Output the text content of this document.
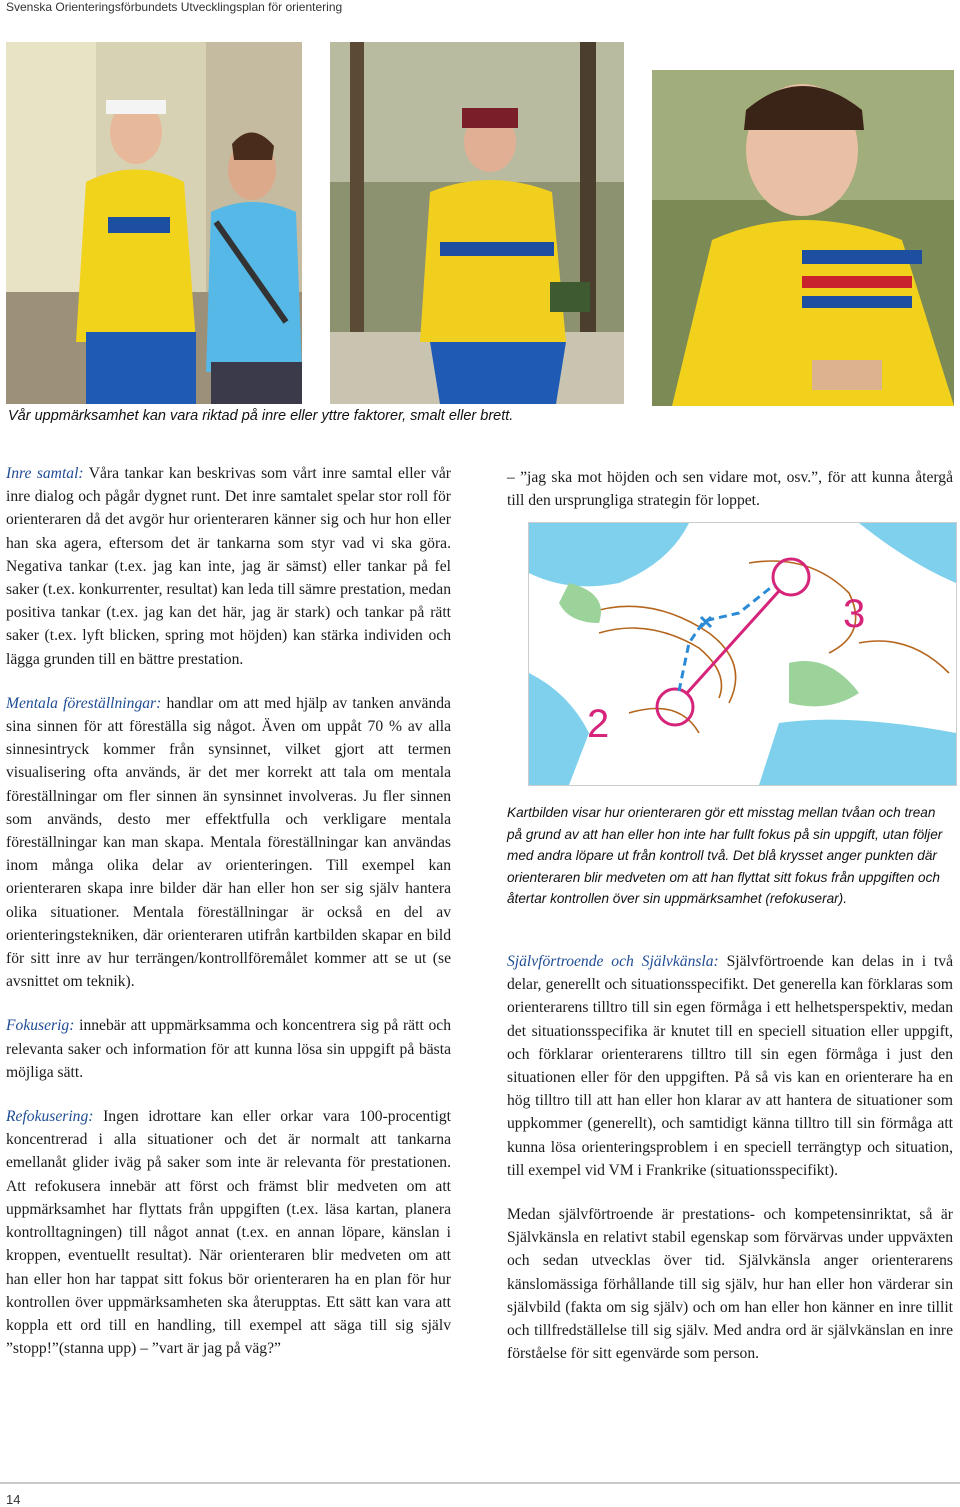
Svenska Orienteringsförbundets Utvecklingsplan för orientering
Vår uppmärksamhet kan vara riktad på inre eller yttre faktorer, smalt eller brett.

Inre samtal: Våra tankar kan beskrivas som vårt inre samtal eller vår inre dialog och pågår dygnet runt. Det inre samtalet spelar stor roll för orienteraren då det avgör hur orienteraren känner sig och hur hon eller han ska agera, eftersom det är tankarna som styr vad vi ska göra. Negativa tankar (t.ex. jag kan inte, jag är sämst) eller tankar på fel saker (t.ex. konkurrenter, resultat) kan leda till sämre prestation, medan positiva tankar (t.ex. jag kan det här, jag är stark) och tankar på rätt saker (t.ex. lyft blicken, spring mot höjden) kan stärka individen och lägga grunden till en bättre prestation.

Mentala föreställningar: handlar om att med hjälp av tanken använda sina sinnen för att föreställa sig något. Även om uppåt 70 % av alla sinnesintryck kommer från synsinnet, vilket gjort att termen visualisering ofta används, är det mer korrekt att tala om mentala föreställningar om fler sinnen än synsinnet involveras. Ju fler sinnen som används, desto mer effektfulla och verkligare mentala föreställningar kan man skapa. Mentala föreställningar kan användas inom många olika delar av orienteringen. Till exempel kan orienteraren skapa inre bilder där han eller hon ser sig själv hantera olika situationer. Mentala föreställningar är också en del av orienteringstekniken, där orienteraren utifrån kartbilden skapar en bild för sitt inre av hur terrängen/kontrollföremålet kommer att se ut (se avsnittet om teknik).

Fokuserig: innebär att uppmärksamma och koncentrera sig på rätt och relevanta saker och information för att kunna lösa sin uppgift på bästa möjliga sätt.

Refokusering: Ingen idrottare kan eller orkar vara 100-procentigt koncentrerad i alla situationer och det är normalt att tankarna emellanåt glider iväg på saker som inte är relevanta för prestationen. Att refokusera innebär att först och främst blir medveten om att uppmärksamhet har flyttats från uppgiften (t.ex. läsa kartan, planera kontrolltagningen) till något annat (t.ex. en annan löpare, känslan i kroppen, eventuellt resultat). När orienteraren blir medveten om att han eller hon har tappat sitt fokus bör orienteraren ha en plan för hur kontrollen över uppmärksamheten ska återupptas. Ett sätt kan vara att koppla ett ord till en handling, till exempel att säga till sig själv ”stopp!”(stanna upp) – ”vart är jag på väg?”

– ”jag ska mot höjden och sen vidare mot, osv.”, för att kunna återgå till den ursprungliga strategin för loppet.

2
3
Kartbilden visar hur orienteraren gör ett misstag mellan tvåan och trean på grund av att han eller hon inte har fullt fokus på sin uppgift, utan följer med andra löpare ut från kontroll två. Det blå krysset anger punkten där orienteraren blir medveten om att han flyttat sitt fokus från uppgiften och återtar kontrollen över sin uppmärksamhet (refokuserar).

Självförtroende och Självkänsla: Självförtroende kan delas in i två delar, generellt och situationsspecifikt. Det generella kan förklaras som orienterarens tilltro till sin egen förmåga i ett helhetsperspektiv, medan det situationsspecifika är knutet till en speciell situation eller uppgift, och förklarar orienterarens tilltro till sin egen förmåga i just den situationen eller för den uppgiften. På så vis kan en orienterare ha en hög tilltro till att han eller hon klarar av att hantera de situationer som uppkommer (generellt), och samtidigt känna tilltro till sin förmåga att kunna lösa orienteringsproblem i en speciell terrängtyp och situation, till exempel vid VM i Frankrike (situationsspecifikt).

Medan självförtroende är prestations- och kompetensinriktat, så är Självkänsla en relativt stabil egenskap som förvärvas under uppväxten och sedan utvecklas över tid. Självkänsla anger orienterarens känslomässiga förhållande till sig själv, hur han eller hon värderar sin självbild (fakta om sig själv) och om han eller hon känner en inre tillit och tillfredställelse till sig själv. Med andra ord är självkänslan en inre förståelse för sitt egenvärde som person.

14
